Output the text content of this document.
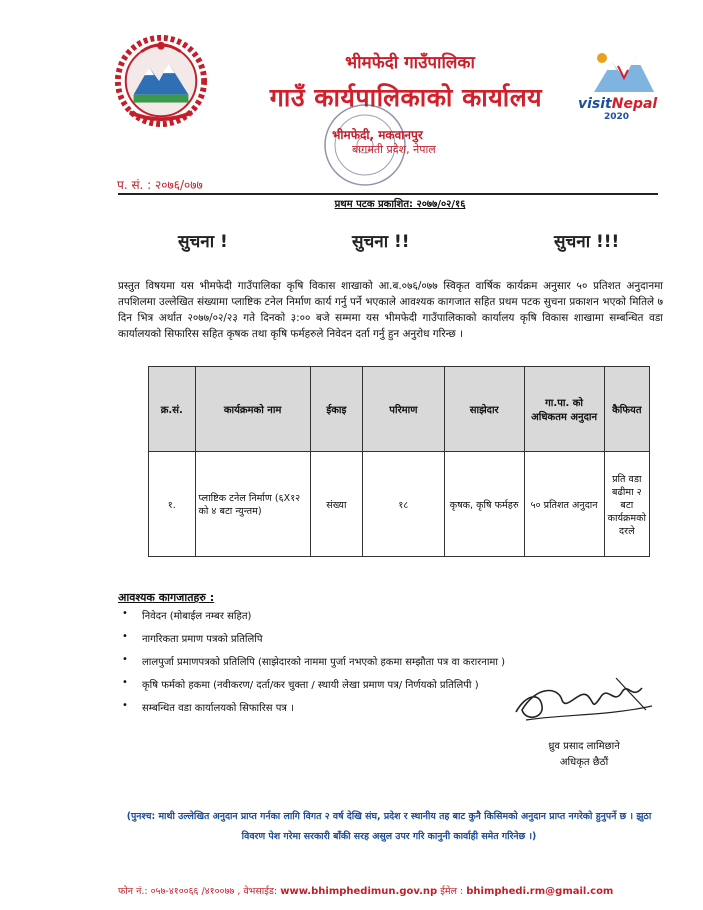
भीमफेदी गाउँपालिका
गाउँ कार्यपालिकाको कार्यालय
भीमफेदी, मकवानपुर
बागमती प्रदेश, नेपाल
visitNepal
2020
प. सं. : २०७६/०७७
प्रथम पटक प्रकाशित: २०७७/०२/१६
सुचना !	सुचना !!	सुचना !!!
प्रस्तुत विषयमा यस भीमफेदी गाउँपालिका कृषि विकास शाखाको आ.ब.०७६/०७७ स्विकृत वार्षिक कार्यक्रम अनुसार ५० प्रतिशत अनुदानमा तपशिलमा उल्लेखित संख्यामा प्लाष्टिक टनेल निर्माण कार्य गर्नु पर्ने भएकाले आवश्यक कागजात सहित प्रथम पटक सुचना प्रकाशन भएको मितिले ७ दिन भित्र अर्थात २०७७/०२/२३ गते दिनको ३:०० बजे सम्ममा यस भीमफेदी गाउँपालिकाको कार्यालय कृषि विकास शाखामा सम्बन्धित वडा कार्यालयको सिफारिस सहित कृषक तथा कृषि फर्महरुले निवेदन दर्ता गर्नु हुन अनुरोध गरिन्छ ।
क्र.सं.	कार्यक्रमको नाम	ईकाइ	परिमाण	साझेदार	गा.पा. को अधिकतम अनुदान	कैफियत
१.	प्लाष्टिक टनेल निर्माण (६X१२ को ४ बटा न्युन्तम)	संख्या	१८	कृषक, कृषि फर्महरु	५० प्रतिशत अनुदान	प्रति वडा बढीमा २ बटा कार्यक्रमको दरले
आवश्यक कागजातहरु :
• निवेदन (मोबाईल नम्बर सहित)
• नागरिकता प्रमाण पत्रको प्रतिलिपि
• लालपुर्जा प्रमाणपत्रको प्रतिलिपि (साझेदारको नाममा पुर्जा नभएको हकमा सम्झौता पत्र वा करारनामा )
• कृषि फर्मको हकमा (नवीकरण/ दर्ता/कर चुक्ता / स्थायी लेखा प्रमाण पत्र/ निर्णयको प्रतिलिपी )
• सम्बन्धित वडा कार्यालयको सिफारिस पत्र ।
ध्रुव प्रसाद लामिछाने
अधिकृत छैठौं
(पुनश्च: माथी उल्लेखित अनुदान प्राप्त गर्नका लागि विगत २ वर्ष देखि संघ, प्रदेश र स्थानीय तह बाट कुनै किसिमको अनुदान प्राप्त नगरेको हुनुपर्ने छ । झुठा विवरण पेश गरेमा सरकारी बाँकी सरह असुल उपर गरि कानुनी कार्वाही समेत गरिनेछ ।)
फोन नं.: ०५७-४१००६६ /४१००७७ , वेभसाईड: www.bhimphedimun.gov.np ईमेल : bhimphedi.rm@gmail.com
